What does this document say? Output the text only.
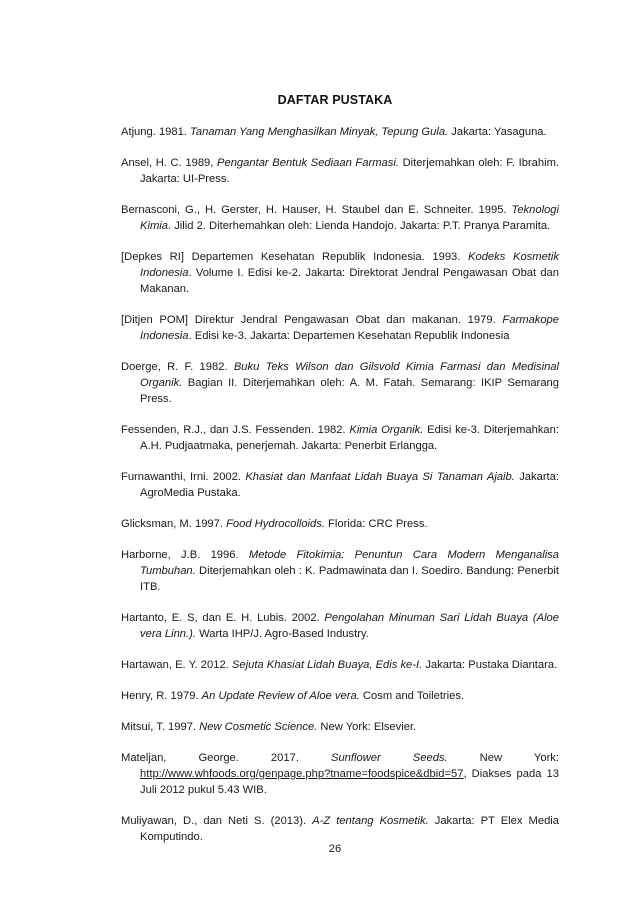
DAFTAR PUSTAKA

Atjung. 1981. Tanaman Yang Menghasilkan Minyak, Tepung Gula. Jakarta: Yasaguna.

Ansel, H. C. 1989, Pengantar Bentuk Sediaan Farmasi. Diterjemahkan oleh: F. Ibrahim. Jakarta: UI-Press.

Bernasconi, G., H. Gerster, H. Hauser, H. Staubel dan E. Schneiter. 1995. Teknologi Kimia. Jilid 2. Diterhemahkan oleh: Lienda Handojo. Jakarta: P.T. Pranya Paramita.

[Depkes RI] Departemen Kesehatan Republik Indonesia. 1993. Kodeks Kosmetik Indonesia. Volume I. Edisi ke-2. Jakarta: Direktorat Jendral Pengawasan Obat dan Makanan.

[Ditjen POM] Direktur Jendral Pengawasan Obat dan makanan. 1979. Farmakope Indonesia. Edisi ke-3. Jakarta: Departemen Kesehatan Republik Indonesia

Doerge, R. F. 1982. Buku Teks Wilson dan Gilsvold Kimia Farmasi dan Medisinal Organik. Bagian II. Diterjemahkan oleh: A. M. Fatah. Semarang: IKIP Semarang Press.

Fessenden, R.J., dan J.S. Fessenden. 1982. Kimia Organik. Edisi ke-3. Diterjemahkan: A.H. Pudjaatmaka, penerjemah. Jakarta: Penerbit Erlangga.

Furnawanthi, Irni. 2002. Khasiat dan Manfaat Lidah Buaya Si Tanaman Ajaib. Jakarta: AgroMedia Pustaka.

Glicksman, M. 1997. Food Hydrocolloids. Florida: CRC Press.

Harborne, J.B. 1996. Metode Fitokimia: Penuntun Cara Modern Menganalisa Tumbuhan. Diterjemahkan oleh : K. Padmawinata dan I. Soediro. Bandung: Penerbit ITB.

Hartanto, E. S, dan E. H. Lubis. 2002. Pengolahan Minuman Sari Lidah Buaya (Aloe vera Linn.). Warta IHP/J. Agro-Based Industry.

Hartawan, E. Y. 2012. Sejuta Khasiat Lidah Buaya, Edis ke-I. Jakarta: Pustaka Diantara.

Henry, R. 1979. An Update Review of Aloe vera. Cosm and Toiletries.

Mitsui, T. 1997. New Cosmetic Science. New York: Elsevier.

Mateljan, George. 2017. Sunflower Seeds. New York: http://www.whfoods.org/genpage.php?tname=foodspice&dbid=57, Diakses pada 13 Juli 2012 pukul 5.43 WIB.

Muliyawan, D., dan Neti S. (2013). A-Z tentang Kosmetik. Jakarta: PT Elex Media Komputindo.

26
